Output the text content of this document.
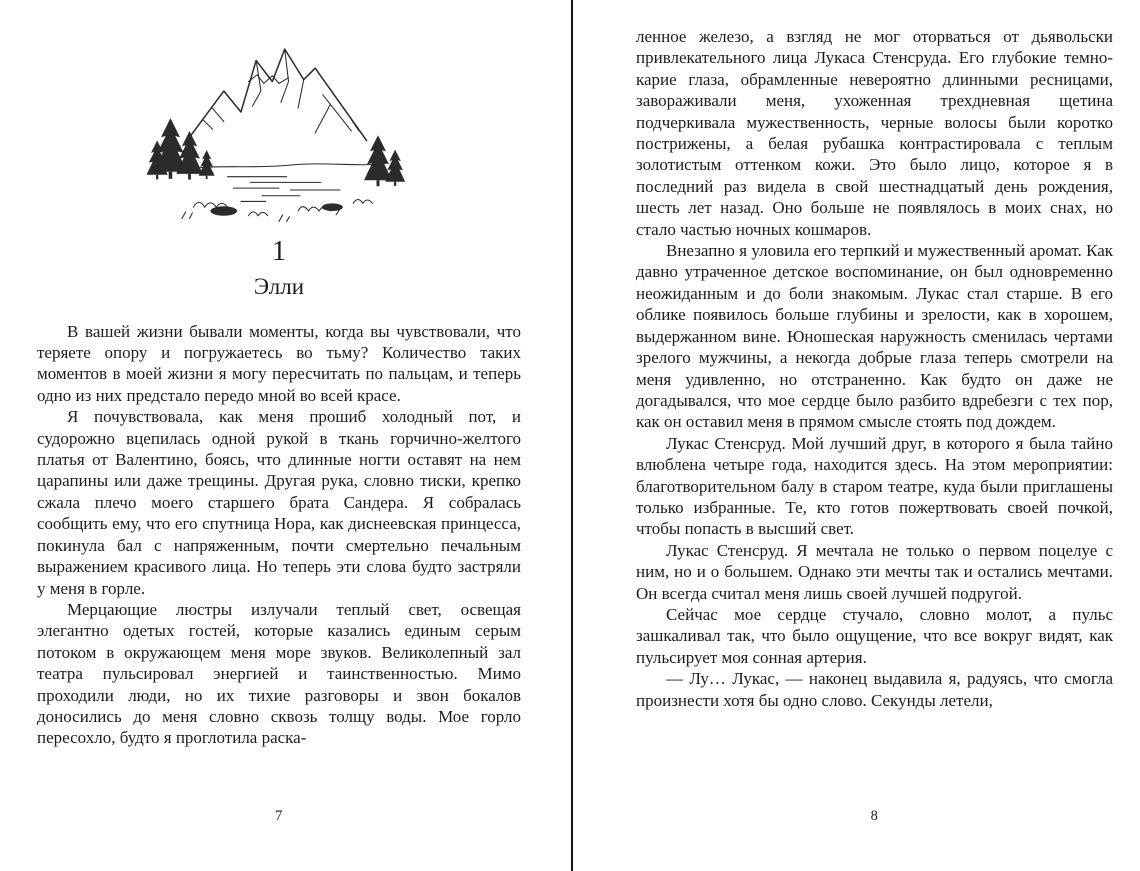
1
Элли

В вашей жизни бывали моменты, когда вы чувствовали, что теряете опору и погружаетесь во тьму? Количество таких моментов в моей жизни я могу пересчитать по пальцам, и теперь одно из них предстало передо мной во всей красе.

Я почувствовала, как меня прошиб холодный пот, и судорожно вцепилась одной рукой в ткань горчично-желтого платья от Валентино, боясь, что длинные ногти оставят на нем царапины или даже трещины. Другая рука, словно тиски, крепко сжала плечо моего старшего брата Сандера. Я собралась сообщить ему, что его спутница Нора, как диснеевская принцесса, покинула бал с напряженным, почти смертельно печальным выражением красивого лица. Но теперь эти слова будто застряли у меня в горле.

Мерцающие люстры излучали теплый свет, освещая элегантно одетых гостей, которые казались единым серым потоком в окружающем меня море звуков. Великолепный зал театра пульсировал энергией и таинственностью. Мимо проходили люди, но их тихие разговоры и звон бокалов доносились до меня словно сквозь толщу воды. Мое горло пересохло, будто я проглотила раска-

7

ленное железо, а взгляд не мог оторваться от дьявольски привлекательного лица Лукаса Стенсруда. Его глубокие темно-карие глаза, обрамленные невероятно длинными ресницами, завораживали меня, ухоженная трехдневная щетина подчеркивала мужественность, черные волосы были коротко пострижены, а белая рубашка контрастировала с теплым золотистым оттенком кожи. Это было лицо, которое я в последний раз видела в свой шестнадцатый день рождения, шесть лет назад. Оно больше не появлялось в моих снах, но стало частью ночных кошмаров.

Внезапно я уловила его терпкий и мужественный аромат. Как давно утраченное детское воспоминание, он был одновременно неожиданным и до боли знакомым. Лукас стал старше. В его облике появилось больше глубины и зрелости, как в хорошем, выдержанном вине. Юношеская наружность сменилась чертами зрелого мужчины, а некогда добрые глаза теперь смотрели на меня удивленно, но отстраненно. Как будто он даже не догадывался, что мое сердце было разбито вдребезги с тех пор, как он оставил меня в прямом смысле стоять под дождем.

Лукас Стенсруд. Мой лучший друг, в которого я была тайно влюблена четыре года, находится здесь. На этом мероприятии: благотворительном балу в старом театре, куда были приглашены только избранные. Те, кто готов пожертвовать своей почкой, чтобы попасть в высший свет.

Лукас Стенсруд. Я мечтала не только о первом поцелуе с ним, но и о большем. Однако эти мечты так и остались мечтами. Он всегда считал меня лишь своей лучшей подругой.

Сейчас мое сердце стучало, словно молот, а пульс зашкаливал так, что было ощущение, что все вокруг видят, как пульсирует моя сонная артерия.

— Лу… Лукас, — наконец выдавила я, радуясь, что смогла произнести хотя бы одно слово. Секунды летели,

8
